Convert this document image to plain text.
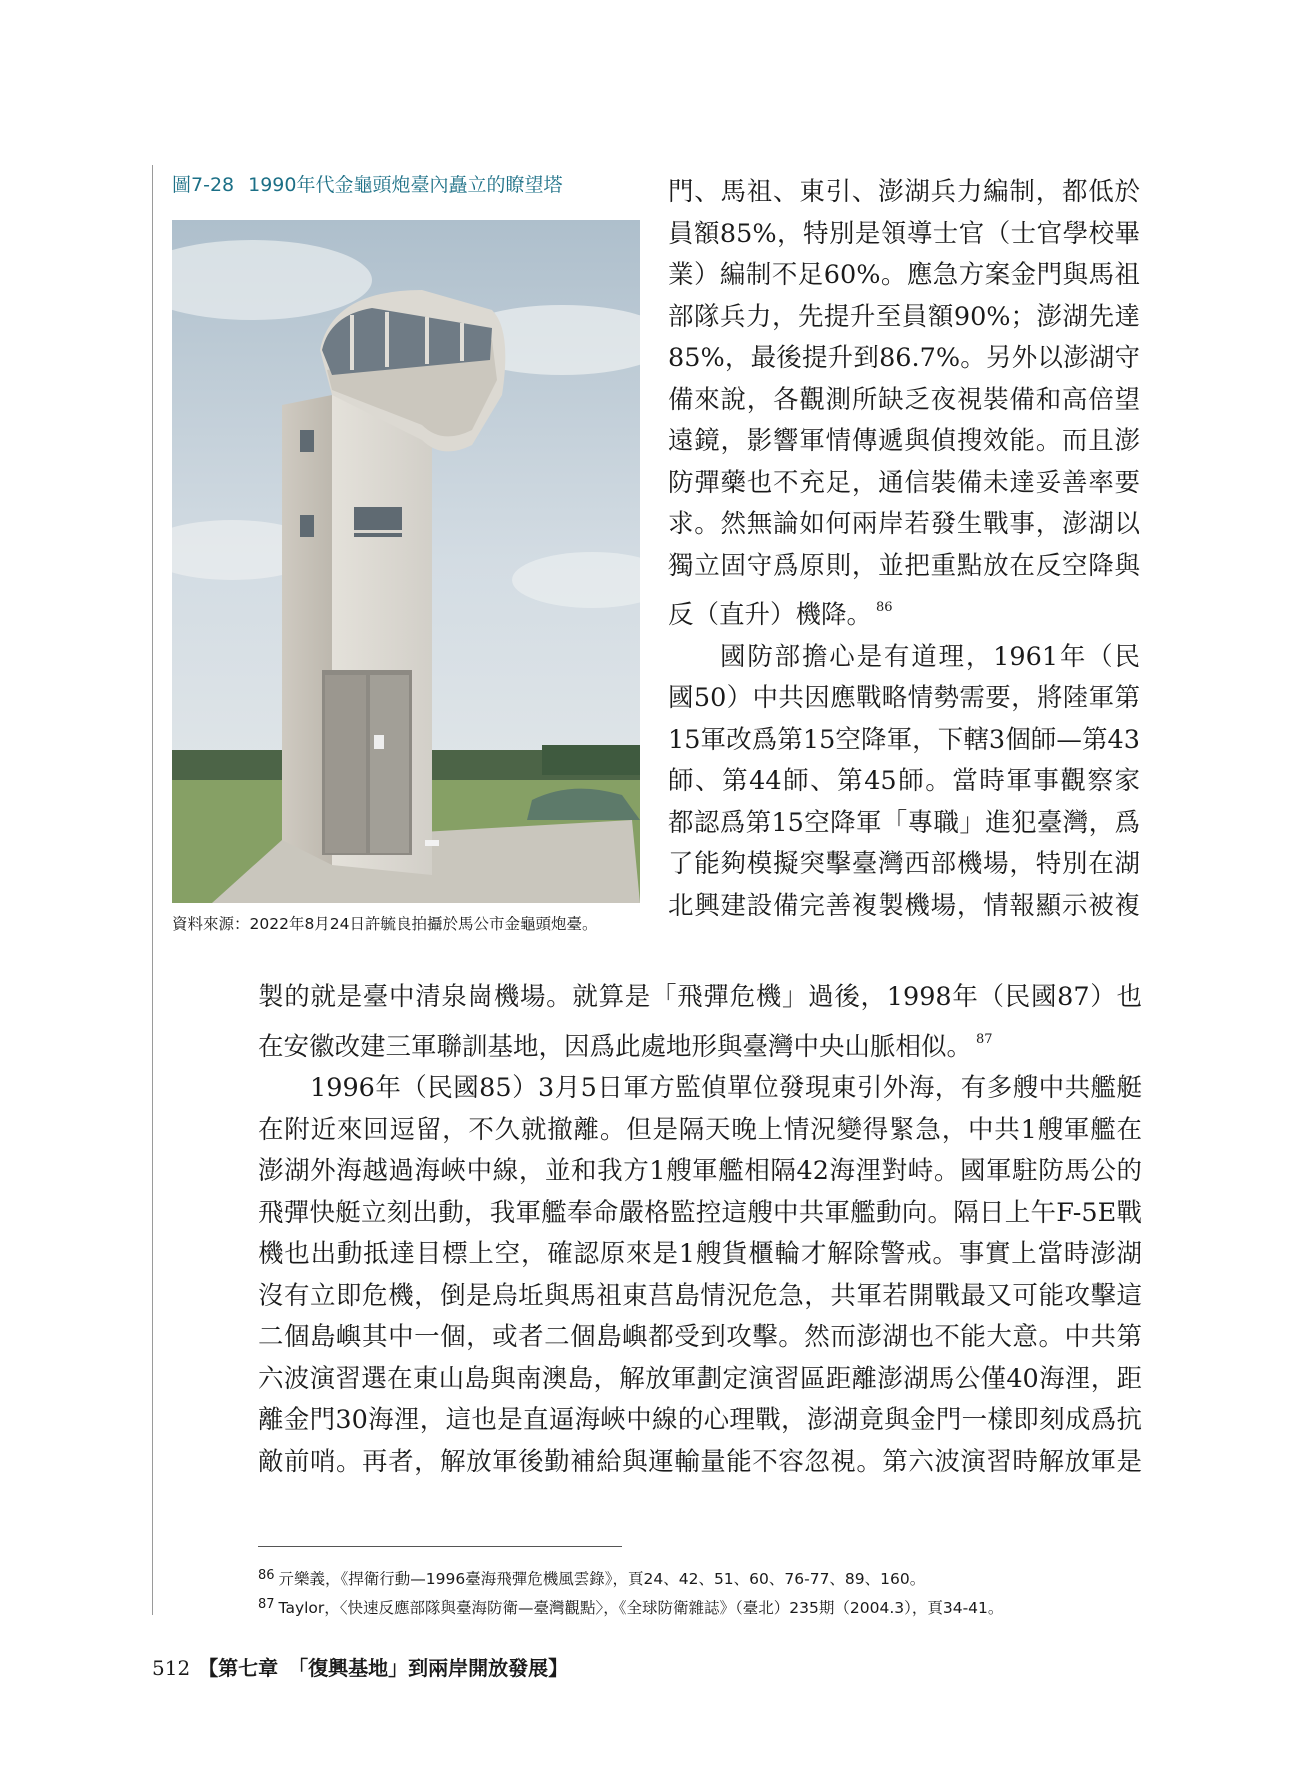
圖7-28 1990年代金龜頭炮臺內矗立的瞭望塔
資料來源：2022年8月24日許毓良拍攝於馬公市金龜頭炮臺。
門、馬祖、東引、澎湖兵力編制，都低於
員額85%，特別是領導士官（士官學校畢
業）編制不足60%。應急方案金門與馬祖
部隊兵力，先提升至員額90%；澎湖先達
85%，最後提升到86.7%。另外以澎湖守
備來說，各觀測所缺乏夜視裝備和高倍望
遠鏡，影響軍情傳遞與偵搜效能。而且澎
防彈藥也不充足，通信裝備未達妥善率要
求。然無論如何兩岸若發生戰事，澎湖以
獨立固守爲原則，並把重點放在反空降與
反（直升）機降。 $^{86}$
國防部擔心是有道理，1961年（民
國50）中共因應戰略情勢需要，將陸軍第
15軍改爲第15空降軍，下轄3個師—第43
師、第44師、第45師。當時軍事觀察家
都認爲第15空降軍「專職」進犯臺灣，爲
了能夠模擬突擊臺灣西部機場，特別在湖
北興建設備完善複製機場，情報顯示被複
製的就是臺中清泉崗機場。就算是「飛彈危機」過後，1998年（民國87）也
在安徽改建三軍聯訓基地，因爲此處地形與臺灣中央山脈相似。 $^{87}$
1996年（民國85）3月5日軍方監偵單位發現東引外海，有多艘中共艦艇
在附近來回逗留，不久就撤離。但是隔天晚上情況變得緊急，中共1艘軍艦在
澎湖外海越過海峽中線，並和我方1艘軍艦相隔42海浬對峙。國軍駐防馬公的
飛彈快艇立刻出動，我軍艦奉命嚴格監控這艘中共軍艦動向。隔日上午F-5E戰
機也出動抵達目標上空，確認原來是1艘貨櫃輪才解除警戒。事實上當時澎湖
沒有立即危機，倒是烏坵與馬祖東莒島情況危急，共軍若開戰最又可能攻擊這
二個島嶼其中一個，或者二個島嶼都受到攻擊。然而澎湖也不能大意。中共第
六波演習選在東山島與南澳島，解放軍劃定演習區距離澎湖馬公僅40海浬，距
離金門30海浬，這也是直逼海峽中線的心理戰，澎湖竟與金門一樣即刻成爲抗
敵前哨。再者，解放軍後勤補給與運輸量能不容忽視。第六波演習時解放軍是
$^{86}$ 亓樂義，《捍衛行動—1996臺海飛彈危機風雲錄》，頁24、42、51、60、76-77、89、160。
$^{87}$ Taylor，〈快速反應部隊與臺海防衛—臺灣觀點〉，《全球防衛雜誌》（臺北）235期（2004.3），頁34-41。
512 【第七章　「復興基地」到兩岸開放發展】
